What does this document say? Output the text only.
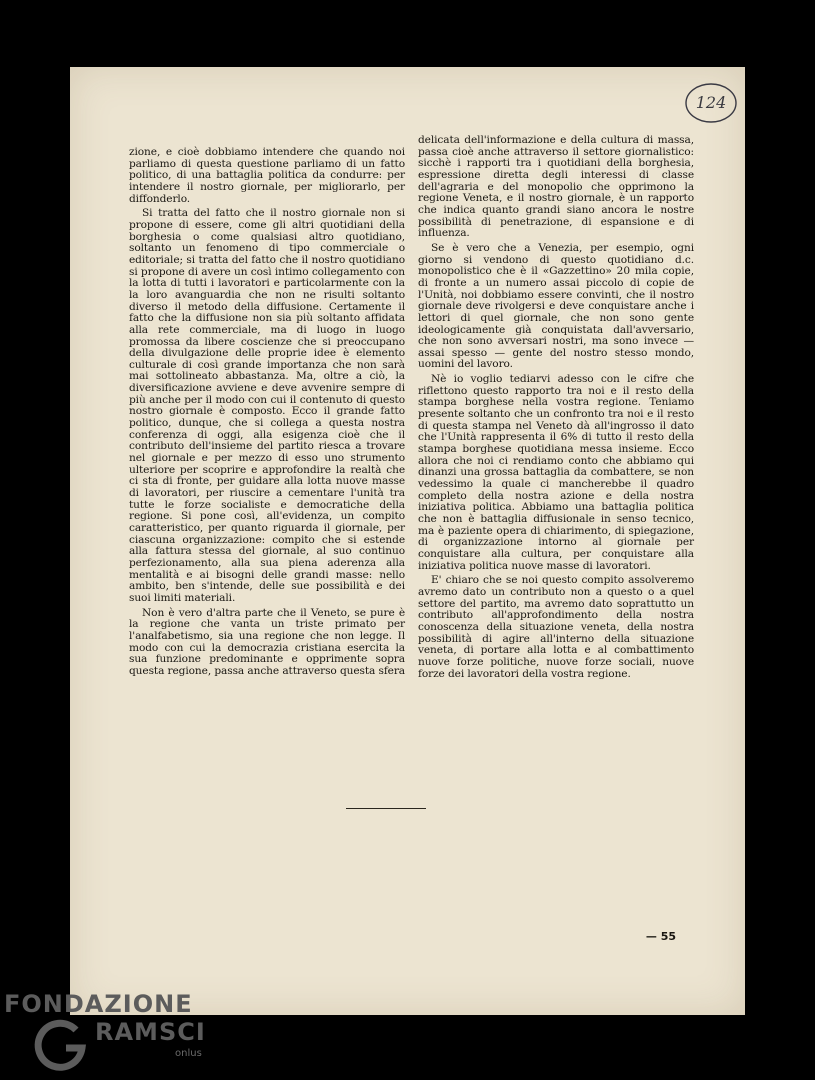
124

zione, e cioè dobbiamo intendere che quando noi parliamo di questa questione parliamo di un fatto politico, di una battaglia politica da condurre: per intendere il nostro giornale, per migliorarlo, per diffonderlo.

Si tratta del fatto che il nostro giornale non si propone di essere, come gli altri quotidiani della borghesia o come qualsiasi altro quotidiano, soltanto un fenomeno di tipo commerciale o editoriale; si tratta del fatto che il nostro quotidiano si propone di avere un così intimo collegamento con la lotta di tutti i lavoratori e particolarmente con la la loro avanguardia che non ne risulti soltanto diverso il metodo della diffusione. Certamente il fatto che la diffusione non sia più soltanto affidata alla rete commerciale, ma di luogo in luogo promossa da libere coscienze che si preoccupano della divulgazione delle proprie idee è elemento culturale di così grande importanza che non sarà mai sottolineato abbastanza. Ma, oltre a ciò, la diversificazione avviene e deve avvenire sempre di più anche per il modo con cui il contenuto di questo nostro giornale è composto. Ecco il grande fatto politico, dunque, che si collega a questa nostra conferenza di oggi, alla esigenza cioè che il contributo dell'insieme del partito riesca a trovare nel giornale e per mezzo di esso uno strumento ulteriore per scoprire e approfondire la realtà che ci sta di fronte, per guidare alla lotta nuove masse di lavoratori, per riuscire a cementare l'unità tra tutte le forze socialiste e democratiche della regione. Si pone così, all'evidenza, un compito caratteristico, per quanto riguarda il giornale, per ciascuna organizzazione: compito che si estende alla fattura stessa del giornale, al suo continuo perfezionamento, alla sua piena aderenza alla mentalità e ai bisogni delle grandi masse: nello ambito, ben s'intende, delle sue possibilità e dei suoi limiti materiali.

Non è vero d'altra parte che il Veneto, se pure è la regione che vanta un triste primato per l'analfabetismo, sia una regione che non legge. Il modo con cui la democrazia cristiana esercita la sua funzione predominante e opprimente sopra questa regione, passa anche attraverso questa sfera

delicata dell'informazione e della cultura di massa, passa cioè anche attraverso il settore giornalistico: sicchè i rapporti tra i quotidiani della borghesia, espressione diretta degli interessi di classe dell'agraria e del monopolio che opprimono la regione Veneta, e il nostro giornale, è un rapporto che indica quanto grandi siano ancora le nostre possibilità di penetrazione, di espansione e di influenza.

Se è vero che a Venezia, per esempio, ogni giorno si vendono di questo quotidiano d.c. monopolistico che è il «Gazzettino» 20 mila copie, di fronte a un numero assai piccolo di copie de l'Unità, noi dobbiamo essere convinti, che il nostro giornale deve rivolgersi e deve conquistare anche i lettori di quel giornale, che non sono gente ideologicamente già conquistata dall'avversario, che non sono avversari nostri, ma sono invece — assai spesso — gente del nostro stesso mondo, uomini del lavoro.

Nè io voglio tediarvi adesso con le cifre che riflettono questo rapporto tra noi e il resto della stampa borghese nella vostra regione. Teniamo presente soltanto che un confronto tra noi e il resto di questa stampa nel Veneto dà all'ingrosso il dato che l'Unità rappresenta il 6% di tutto il resto della stampa borghese quotidiana messa insieme. Ecco allora che noi ci rendiamo conto che abbiamo qui dinanzi una grossa battaglia da combattere, se non vedessimo la quale ci mancherebbe il quadro completo della nostra azione e della nostra iniziativa politica. Abbiamo una battaglia politica che non è battaglia diffusionale in senso tecnico, ma è paziente opera di chiarimento, di spiegazione, di organizzazione intorno al giornale per conquistare alla cultura, per conquistare alla iniziativa politica nuove masse di lavoratori.

E' chiaro che se noi questo compito assolveremo avremo dato un contributo non a questo o a quel settore del partito, ma avremo dato soprattutto un contributo all'approfondimento della nostra conoscenza della situazione veneta, della nostra possibilità di agire all'interno della situazione veneta, di portare alla lotta e al combattimento nuove forze politiche, nuove forze sociali, nuove forze dei lavoratori della vostra regione.

— 55
FONDAZIONE
RAMSCI
onlus
